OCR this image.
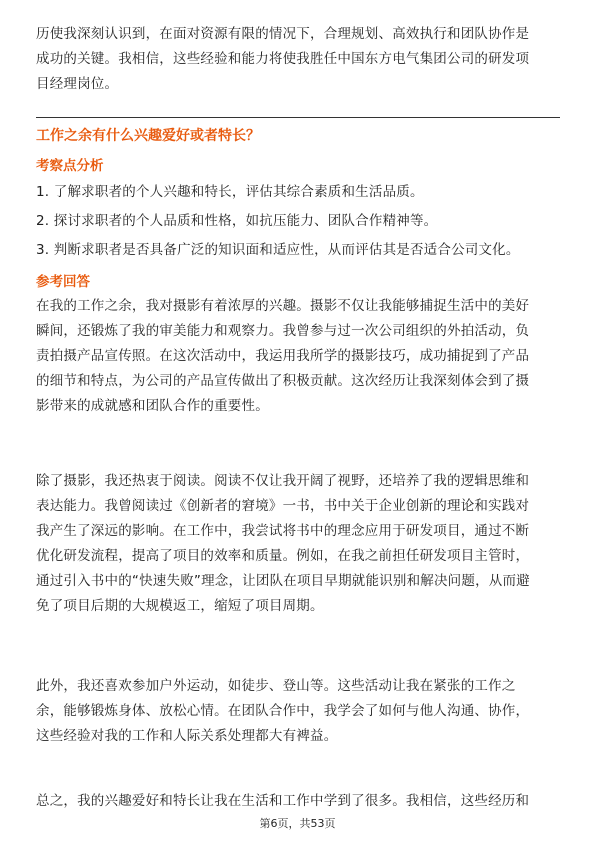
历使我深刻认识到，在面对资源有限的情况下，合理规划、高效执行和团队协作是

成功的关键。我相信，这些经验和能力将使我胜任中国东方电气集团公司的研发项

目经理岗位。

工作之余有什么兴趣爱好或者特长？
考察点分析
1. 了解求职者的个人兴趣和特长，评估其综合素质和生活品质。
2. 探讨求职者的个人品质和性格，如抗压能力、团队合作精神等。
3. 判断求职者是否具备广泛的知识面和适应性，从而评估其是否适合公司文化。
参考回答

在我的工作之余，我对摄影有着浓厚的兴趣。摄影不仅让我能够捕捉生活中的美好

瞬间，还锻炼了我的审美能力和观察力。我曾参与过一次公司组织的外拍活动，负

责拍摄产品宣传照。在这次活动中，我运用我所学的摄影技巧，成功捕捉到了产品

的细节和特点，为公司的产品宣传做出了积极贡献。这次经历让我深刻体会到了摄

影带来的成就感和团队合作的重要性。

除了摄影，我还热衷于阅读。阅读不仅让我开阔了视野，还培养了我的逻辑思维和

表达能力。我曾阅读过《创新者的窘境》一书，书中关于企业创新的理论和实践对

我产生了深远的影响。在工作中，我尝试将书中的理念应用于研发项目，通过不断

优化研发流程，提高了项目的效率和质量。例如，在我之前担任研发项目主管时，

通过引入书中的“快速失败”理念，让团队在项目早期就能识别和解决问题，从而避

免了项目后期的大规模返工，缩短了项目周期。

此外，我还喜欢参加户外运动，如徒步、登山等。这些活动让我在紧张的工作之

余，能够锻炼身体、放松心情。在团队合作中，我学会了如何与他人沟通、协作，

这些经验对我的工作和人际关系处理都大有裨益。

总之，我的兴趣爱好和特长让我在生活和工作中学到了很多。我相信，这些经历和

第6页，共53页
